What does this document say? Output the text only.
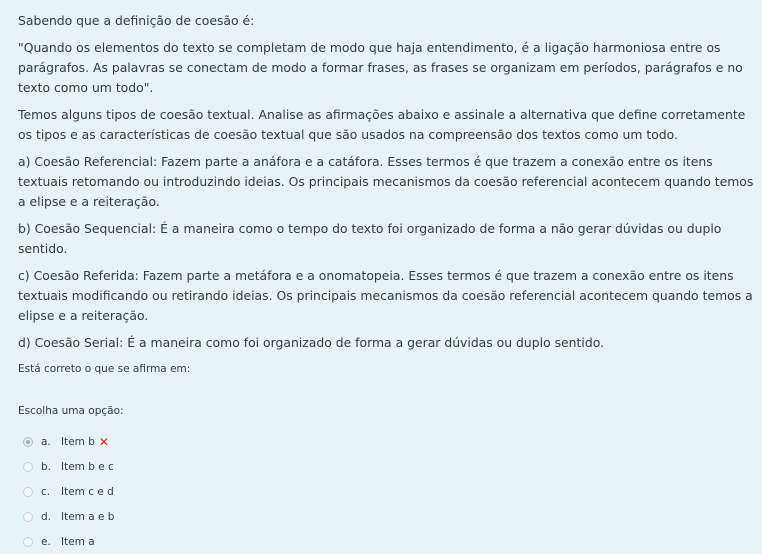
Sabendo que a definição de coesão é:

"Quando os elementos do texto se completam de modo que haja entendimento, é a ligação harmoniosa entre os parágrafos. As palavras se conectam de modo a formar frases, as frases se organizam em períodos, parágrafos e no texto como um todo".

Temos alguns tipos de coesão textual. Analise as afirmações abaixo e assinale a alternativa que define corretamente os tipos e as características de coesão textual que são usados na compreensão dos textos como um todo.

a) Coesão Referencial: Fazem parte a anáfora e a catáfora. Esses termos é que trazem a conexão entre os itens textuais retomando ou introduzindo ideias. Os principais mecanismos da coesão referencial acontecem quando temos a elipse e a reiteração.

b) Coesão Sequencial: É a maneira como o tempo do texto foi organizado de forma a não gerar dúvidas ou duplo sentido.

c) Coesão Referida: Fazem parte a metáfora e a onomatopeia. Esses termos é que trazem a conexão entre os itens textuais modificando ou retirando ideias. Os principais mecanismos da coesão referencial acontecem quando temos a elipse e a reiteração.

d) Coesão Serial: É a maneira como foi organizado de forma a gerar dúvidas ou duplo sentido.

Está correto o que se afirma em:

Escolha uma opção:

a. Item b ✕
b. Item b e c
c.	Item c e d
d. Item a e b
e. Item a
